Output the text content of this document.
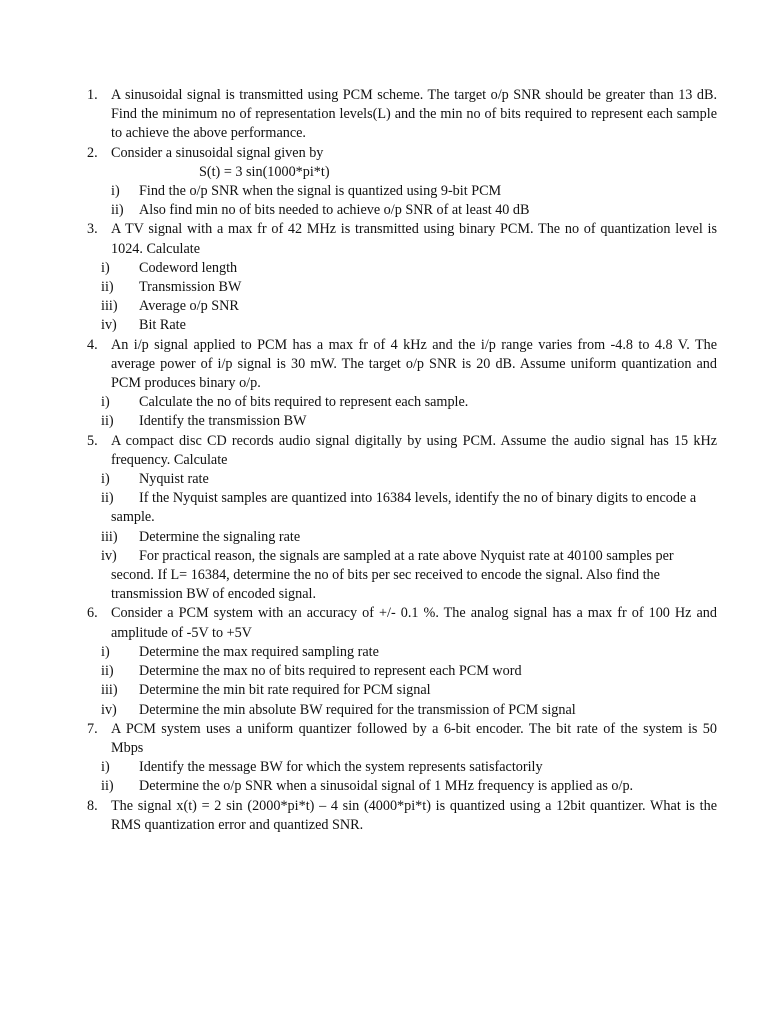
1. A sinusoidal signal is transmitted using PCM scheme. The target o/p SNR should be greater than 13 dB. Find the minimum no of representation levels(L) and the min no of bits required to represent each sample to achieve the above performance.
2. Consider a sinusoidal signal given by
S(t) = 3 sin(1000*pi*t)
i) Find the o/p SNR when the signal is quantized using 9-bit PCM
ii) Also find min no of bits needed to achieve o/p SNR of at least 40 dB
3. A TV signal with a max fr of 42 MHz is transmitted using binary PCM. The no of quantization level is 1024. Calculate
i) Codeword length
ii) Transmission BW
iii) Average o/p SNR
iv) Bit Rate
4. An i/p signal applied to PCM has a max fr of 4 kHz and the i/p range varies from -4.8 to 4.8 V. The average power of i/p signal is 30 mW. The target o/p SNR is 20 dB. Assume uniform quantization and PCM produces binary o/p.
i) Calculate the no of bits required to represent each sample.
ii) Identify the transmission BW
5. A compact disc CD records audio signal digitally by using PCM. Assume the audio signal has 15 kHz frequency. Calculate
i) Nyquist rate
ii) If the Nyquist samples are quantized into 16384 levels, identify the no of binary digits to encode a sample.
iii) Determine the signaling rate
iv) For practical reason, the signals are sampled at a rate above Nyquist rate at 40100 samples per second. If L= 16384, determine the no of bits per sec received to encode the signal. Also find the transmission BW of encoded signal.
6. Consider a PCM system with an accuracy of +/- 0.1 %. The analog signal has a max fr of 100 Hz and amplitude of -5V to +5V
i) Determine the max required sampling rate
ii) Determine the max no of bits required to represent each PCM word
iii) Determine the min bit rate required for PCM signal
iv) Determine the min absolute BW required for the transmission of PCM signal
7. A PCM system uses a uniform quantizer followed by a 6-bit encoder. The bit rate of the system is 50 Mbps
i) Identify the message BW for which the system represents satisfactorily
ii) Determine the o/p SNR when a sinusoidal signal of 1 MHz frequency is applied as o/p.
8. The signal x(t) = 2 sin (2000*pi*t) – 4 sin (4000*pi*t) is quantized using a 12bit quantizer. What is the RMS quantization error and quantized SNR.
